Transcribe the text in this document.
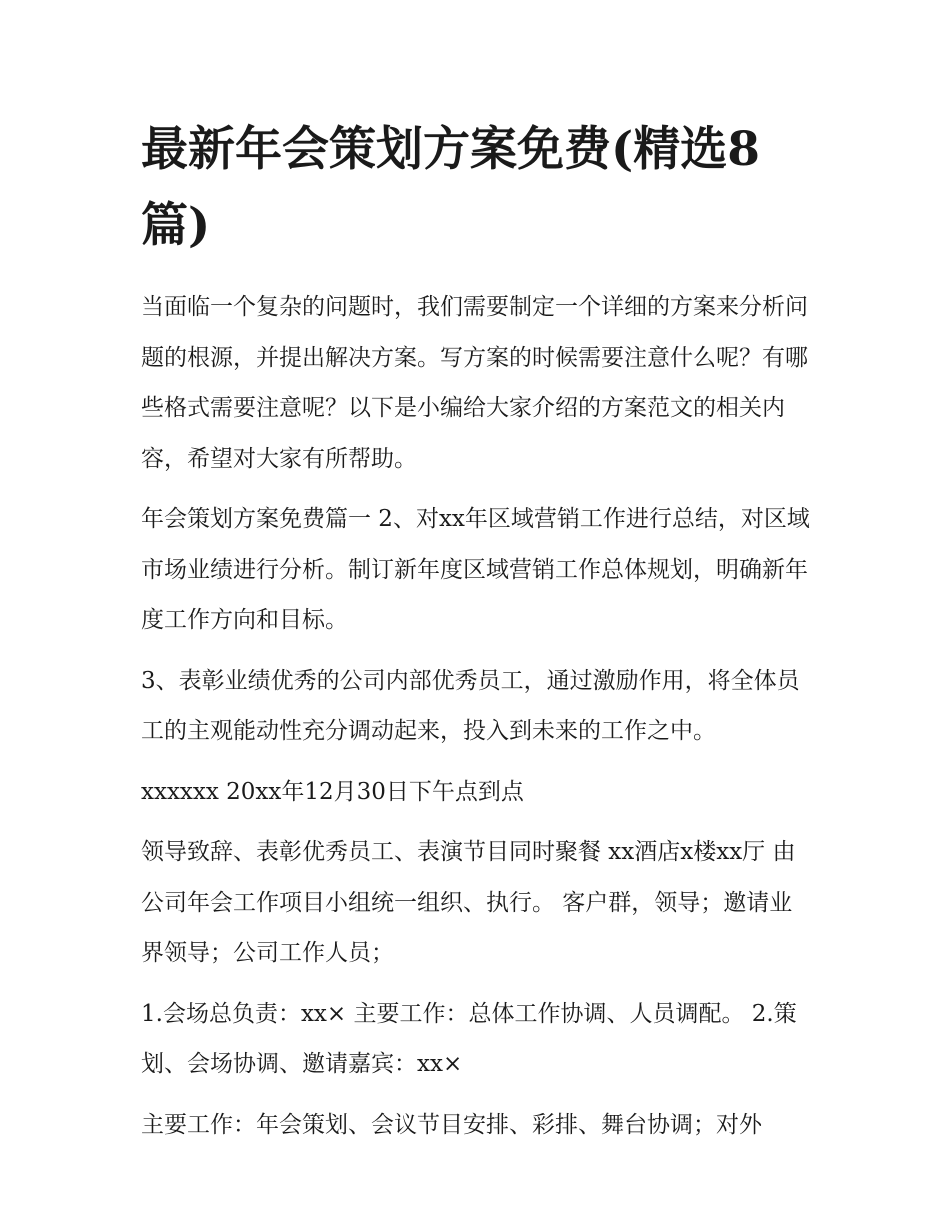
最新年会策划方案免费(精选8篇)

当面临一个复杂的问题时，我们需要制定一个详细的方案来分析问题的根源，并提出解决方案。写方案的时候需要注意什么呢？有哪些格式需要注意呢？以下是小编给大家介绍的方案范文的相关内容，希望对大家有所帮助。

年会策划方案免费篇一 2、对xx年区域营销工作进行总结，对区域市场业绩进行分析。制订新年度区域营销工作总体规划，明确新年度工作方向和目标。

3、表彰业绩优秀的公司内部优秀员工，通过激励作用，将全体员工的主观能动性充分调动起来，投入到未来的工作之中。

xxxxxx 20xx年12月30日下午点到点

领导致辞、表彰优秀员工、表演节目同时聚餐 xx酒店x楼xx厅 由公司年会工作项目小组统一组织、执行。 客户群，领导；邀请业界领导；公司工作人员；

1.会场总负责：xx× 主要工作：总体工作协调、人员调配。 2.策划、会场协调、邀请嘉宾：xx×

主要工作：年会策划、会议节目安排、彩排、舞台协调；对外
